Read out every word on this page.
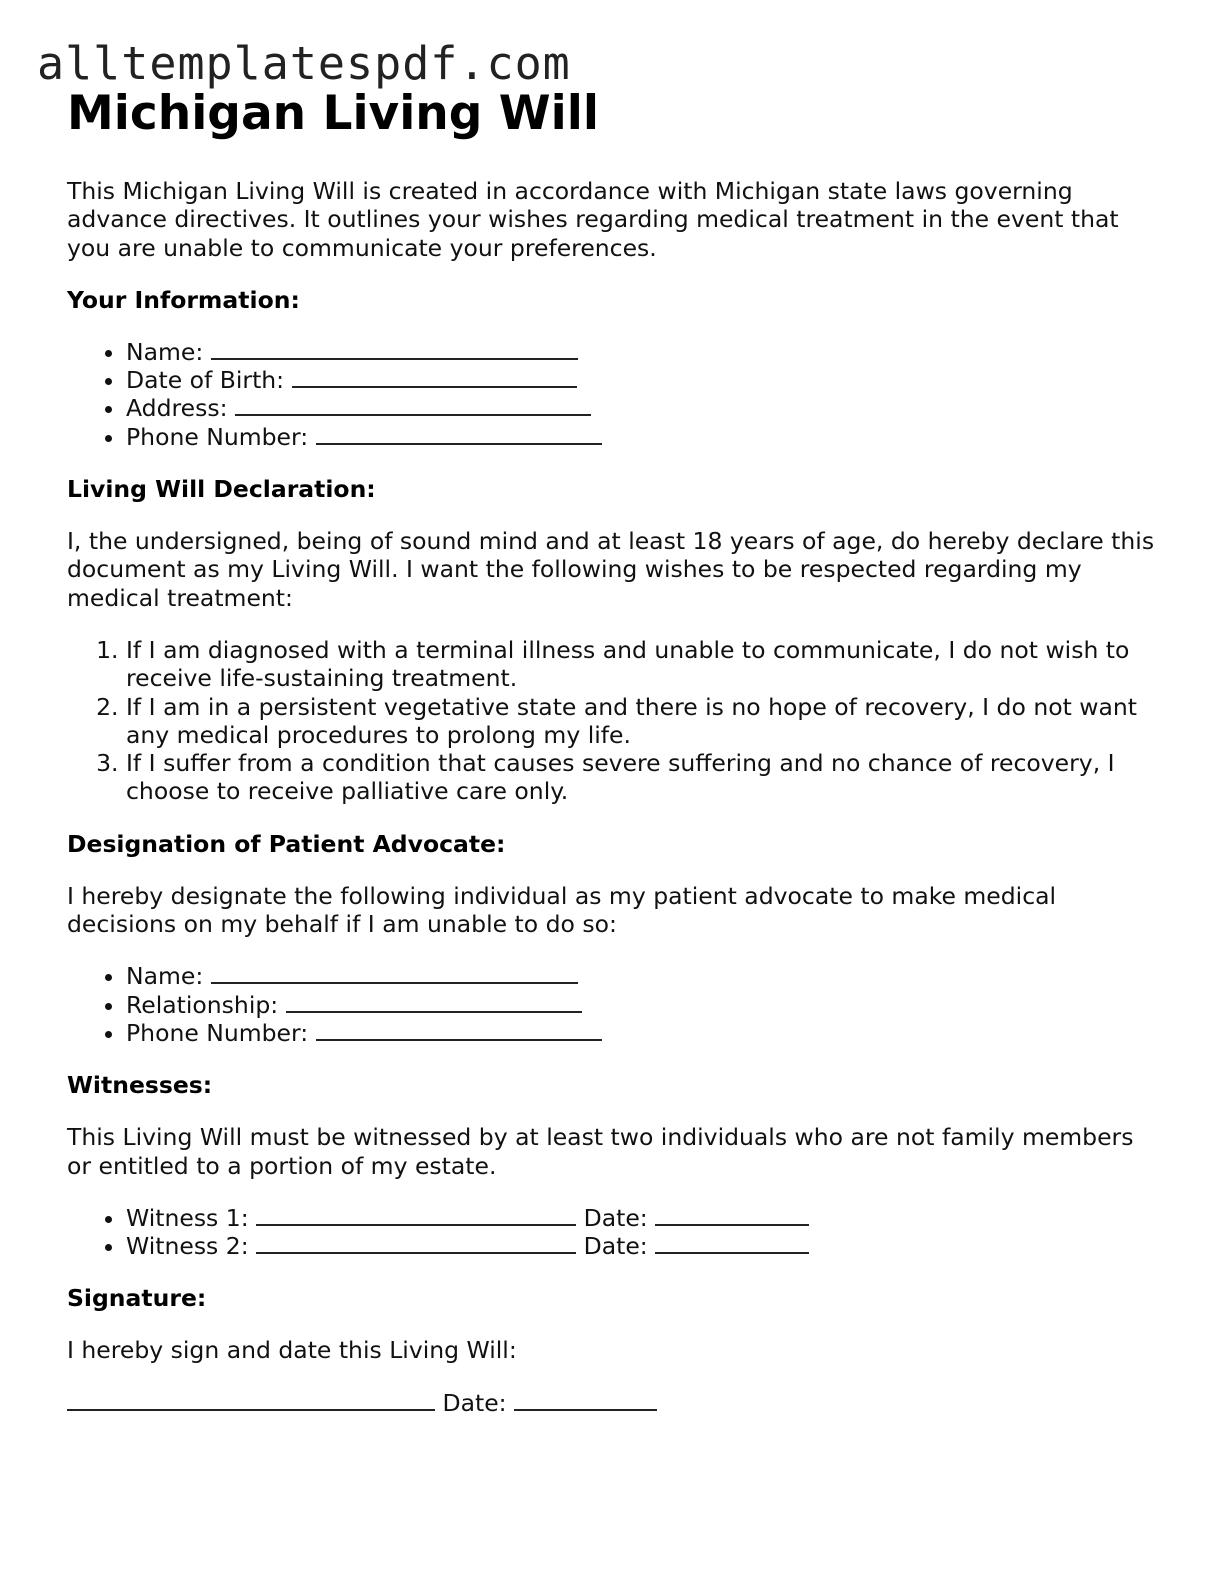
alltemplatespdf.com
Michigan Living Will

This Michigan Living Will is created in accordance with Michigan state laws governing advance directives. It outlines your wishes regarding medical treatment in the event that you are unable to communicate your preferences.

Your Information:
• Name:
• Date of Birth:
• Address:
• Phone Number:
Living Will Declaration:

I, the undersigned, being of sound mind and at least 18 years of age, do hereby declare this document as my Living Will. I want the following wishes to be respected regarding my medical treatment:

1. If I am diagnosed with a terminal illness and unable to communicate, I do not wish to receive life-sustaining treatment.
2. If I am in a persistent vegetative state and there is no hope of recovery, I do not want any medical procedures to prolong my life.
3. If I suffer from a condition that causes severe suffering and no chance of recovery, I choose to receive palliative care only.
Designation of Patient Advocate:

I hereby designate the following individual as my patient advocate to make medical decisions on my behalf if I am unable to do so:

• Name:
• Relationship:
• Phone Number:
Witnesses:

This Living Will must be witnessed by at least two individuals who are not family members or entitled to a portion of my estate.

• Witness 1:	Date:
• Witness 2:	Date:
Signature:

I hereby sign and date this Living Will:

Date:
